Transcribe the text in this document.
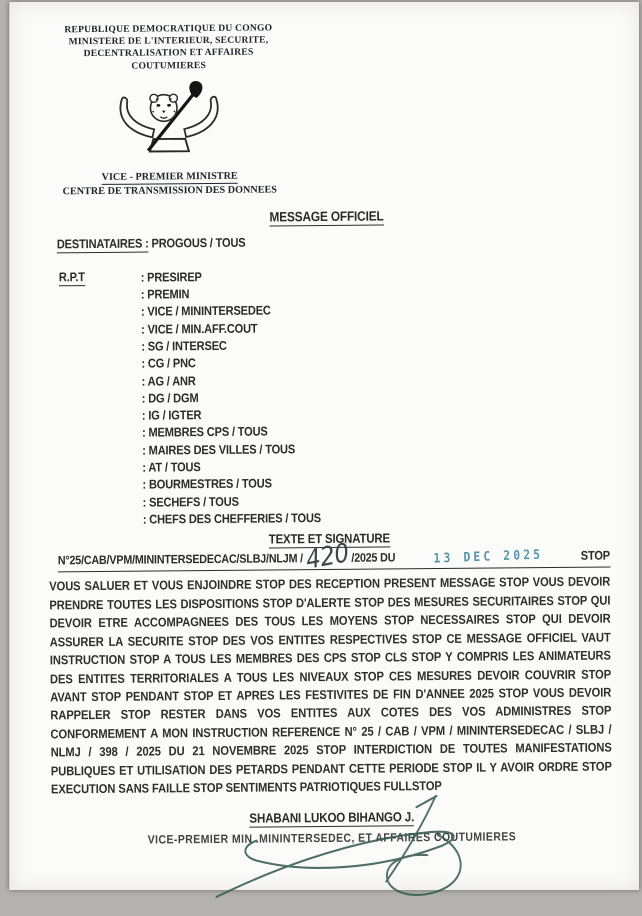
REPUBLIQUE DEMOCRATIQUE DU CONGO
MINISTERE DE L'INTERIEUR, SECURITE,
DECENTRALISATION ET AFFAIRES COUTUMIERES
VICE - PREMIER MINISTRE
CENTRE DE TRANSMISSION DES DONNEES
MESSAGE OFFICIEL
DESTINATAIRES : PROGOUS / TOUS
R.P.T	: PRESIREP
: PREMIN
: VICE / MININTERSEDEC
: VICE / MIN.AFF.COUT
: SG / INTERSEC
: CG / PNC
: AG / ANR
: DG / DGM
: IG / IGTER
: MEMBRES CPS / TOUS
: MAIRES DES VILLES / TOUS
: AT / TOUS
: BOURMESTRES / TOUS
: SECHEFS / TOUS
: CHEFS DES CHEFFERIES / TOUS
TEXTE ET SIGNATURE
N°25/CAB/VPM/MININTERSEDECAC/SLBJ/NLJM / 420 /2025 DU	13 DEC 2025	STOP

VOUS SALUER ET VOUS ENJOINDRE STOP DES RECEPTION PRESENT MESSAGE STOP VOUS DEVOIR PRENDRE TOUTES LES DISPOSITIONS STOP D'ALERTE STOP DES MESURES SECURITAIRES STOP QUI DEVOIR ETRE ACCOMPAGNEES DES TOUS LES MOYENS STOP NECESSAIRES STOP QUI DEVOIR ASSURER LA SECURITE STOP DES VOS ENTITES RESPECTIVES STOP CE MESSAGE OFFICIEL VAUT INSTRUCTION STOP A TOUS LES MEMBRES DES CPS STOP CLS STOP Y COMPRIS LES ANIMATEURS DES ENTITES TERRITORIALES A TOUS LES NIVEAUX STOP CES MESURES DEVOIR COUVRIR STOP AVANT STOP PENDANT STOP ET APRES LES FESTIVITES DE FIN D'ANNEE 2025 STOP VOUS DEVOIR RAPPELER STOP RESTER DANS VOS ENTITES AUX COTES DES VOS ADMINISTRES STOP CONFORMEMENT A MON INSTRUCTION REFERENCE N° 25 / CAB / VPM / MININTERSEDECAC / SLBJ / NLMJ / 398 / 2025 DU 21 NOVEMBRE 2025 STOP INTERDICTION DE TOUTES MANIFESTATIONS PUBLIQUES ET UTILISATION DES PETARDS PENDANT CETTE PERIODE STOP IL Y AVOIR ORDRE STOP EXECUTION SANS FAILLE STOP SENTIMENTS PATRIOTIQUES FULLSTOP

SHABANI LUKOO BIHANGO J.
VICE-PREMIER MIN .MININTERSEDEC, ET AFFAIRES COUTUMIERES
